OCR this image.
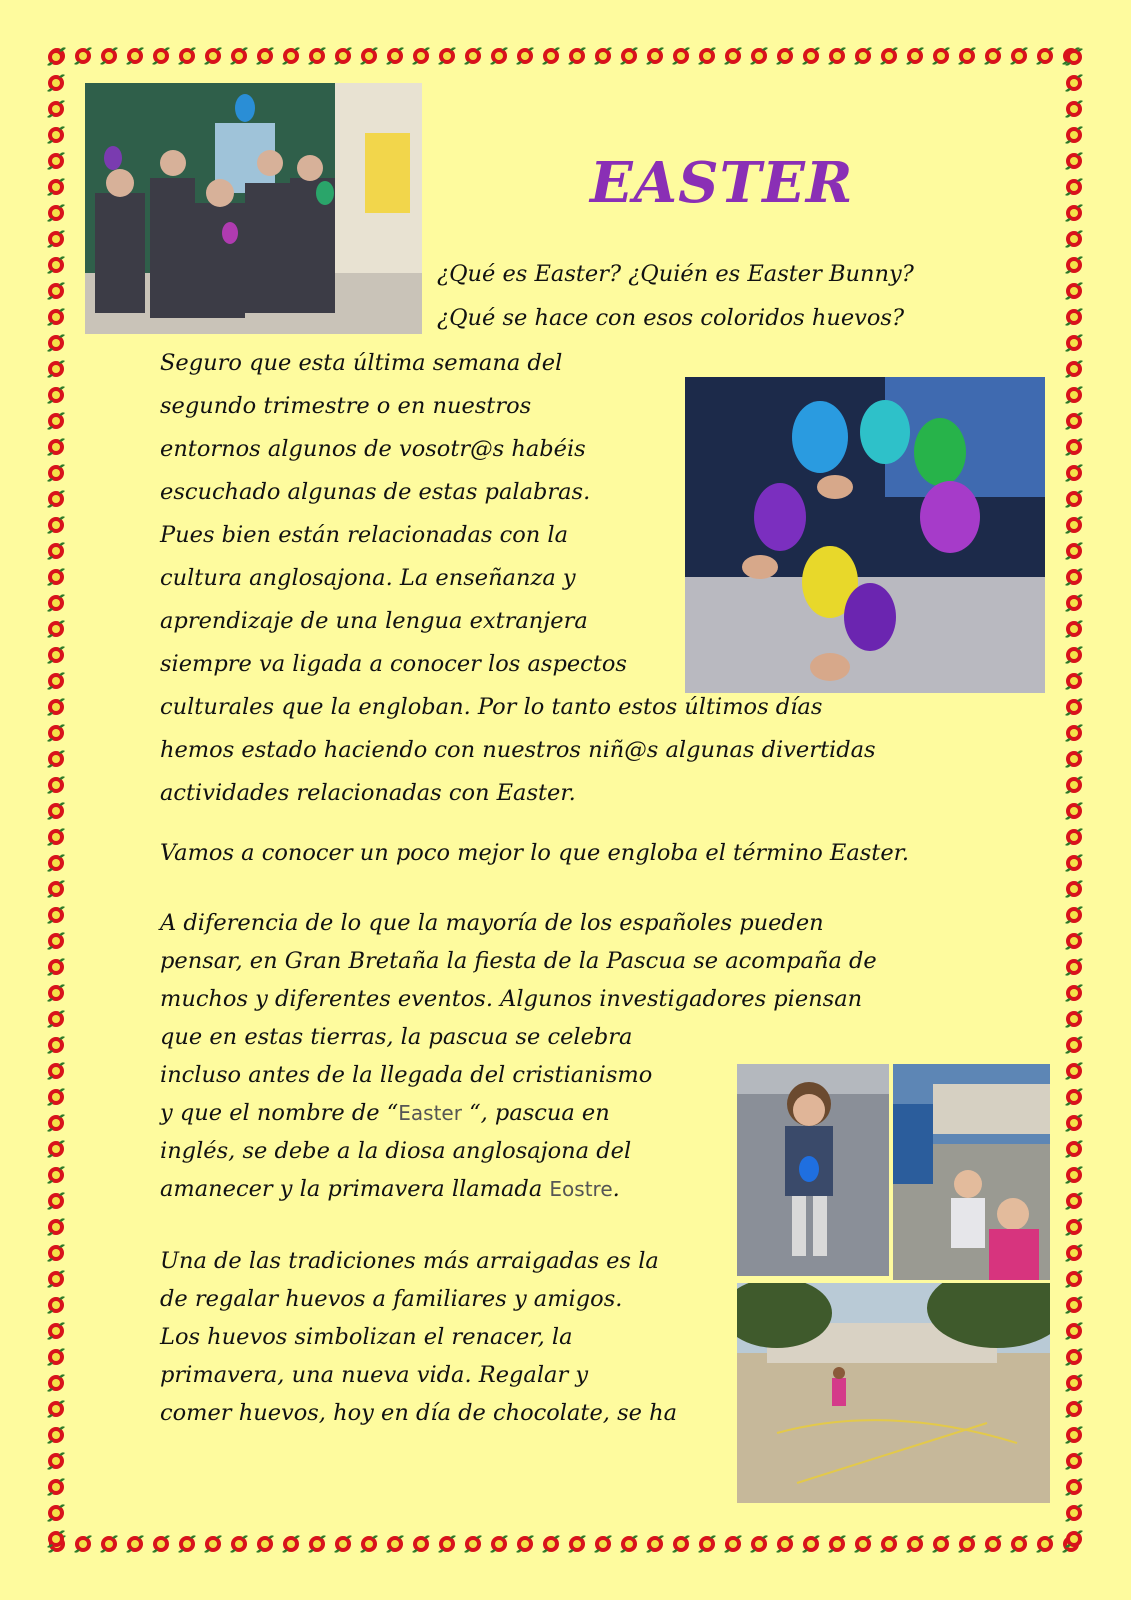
EASTER
¿Qué es Easter? ¿Quién es Easter Bunny?
¿Qué se hace con esos coloridos huevos?
Seguro que esta última semana del
segundo trimestre o en nuestros
entornos algunos de vosotr@s habéis
escuchado algunas de estas palabras.
Pues bien están relacionadas con la
cultura anglosajona. La enseñanza y
aprendizaje de una lengua extranjera
siempre va ligada a conocer los aspectos
culturales que la engloban. Por lo tanto estos últimos días
hemos estado haciendo con nuestros niñ@s algunas divertidas
actividades relacionadas con Easter.
Vamos a conocer un poco mejor lo que engloba el término Easter.
A diferencia de lo que la mayoría de los españoles pueden
pensar, en Gran Bretaña la fiesta de la Pascua se acompaña de
muchos y diferentes eventos. Algunos investigadores piensan
que en estas tierras, la pascua se celebra
incluso antes de la llegada del cristianismo
y que el nombre de “Easter “, pascua en
inglés, se debe a la diosa anglosajona del
amanecer y la primavera llamada Eostre.
Una de las tradiciones más arraigadas es la
de regalar huevos a familiares y amigos.
Los huevos simbolizan el renacer, la
primavera, una nueva vida. Regalar y
comer huevos, hoy en día de chocolate, se ha
